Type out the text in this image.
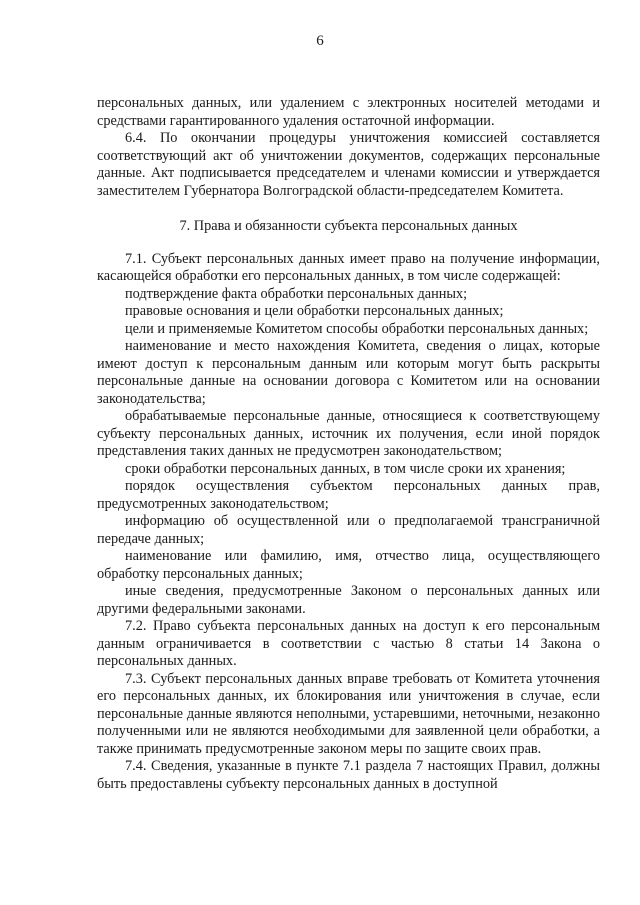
6

персональных данных, или удалением с электронных носителей методами и средствами гарантированного удаления остаточной информации.

6.4. По окончании процедуры уничтожения комиссией составляется соответствующий акт об уничтожении документов, содержащих персональные данные. Акт подписывается председателем и членами комиссии и утверждается заместителем Губернатора Волгоградской области-председателем Комитета.

7. Права и обязанности субъекта персональных данных

7.1. Субъект персональных данных имеет право на получение информации, касающейся обработки его персональных данных, в том числе содержащей:

подтверждение факта обработки персональных данных;

правовые основания и цели обработки персональных данных;

цели и применяемые Комитетом способы обработки персональных данных;

наименование и место нахождения Комитета, сведения о лицах, которые имеют доступ к персональным данным или которым могут быть раскрыты персональные данные на основании договора с Комитетом или на основании законодательства;

обрабатываемые персональные данные, относящиеся к соответствующему субъекту персональных данных, источник их получения, если иной порядок представления таких данных не предусмотрен законодательством;

сроки обработки персональных данных, в том числе сроки их хранения;

порядок осуществления субъектом персональных данных прав, предусмотренных законодательством;

информацию об осуществленной или о предполагаемой трансграничной передаче данных;

наименование или фамилию, имя, отчество лица, осуществляющего обработку персональных данных;

иные сведения, предусмотренные Законом о персональных данных или другими федеральными законами.

7.2. Право субъекта персональных данных на доступ к его персональным данным ограничивается в соответствии с частью 8 статьи 14 Закона о персональных данных.

7.3. Субъект персональных данных вправе требовать от Комитета уточнения его персональных данных, их блокирования или уничтожения в случае, если персональные данные являются неполными, устаревшими, неточными, незаконно полученными или не являются необходимыми для заявленной цели обработки, а также принимать предусмотренные законом меры по защите своих прав.

7.4. Сведения, указанные в пункте 7.1 раздела 7 настоящих Правил, должны быть предоставлены субъекту персональных данных в доступной
